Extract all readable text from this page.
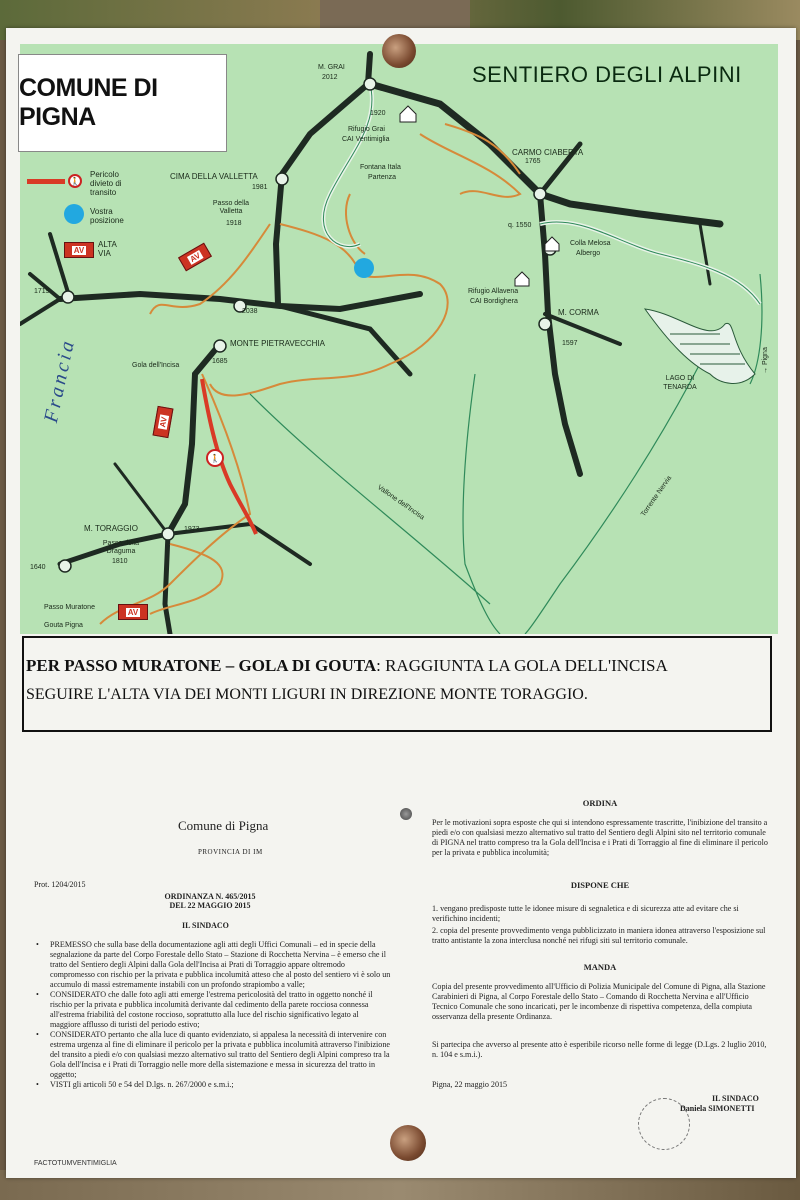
🚶
Pericolo divieto di transito
Vostra posizione
AV
ALTA VIA	AV
AV
AV
🚶
M. GRAI
2012
1920
Rifugio Grai
CAI Ventimiglia
CARMO CIABERTA
1765
CIMA DELLA VALLETTA
1981
Fontana Itala
Partenza
Passo della Valletta
1918	q. 1550
Colla Melosa
Albergo
1719
2038
Rifugio Allavena
CAI Bordighera
M. CORMA
1597
MONTE PIETRAVECCHIA
Gola dell'Incisa
1685
LAGO DI TENARDA
Vallone dell'Incisa	Torrente Nervia
→ Pigna
M. TORAGGIO	1973
Passo della Draguma
1810
1640
Passo Muratone
Gouta Pigna
Francia
COMUNE DI PIGNA
SENTIERO DEGLI ALPINI
PER PASSO MURATONE – GOLA DI GOUTA: RAGGIUNTA LA GOLA DELL'INCISA
SEGUIRE L'ALTA VIA DEI MONTI LIGURI IN DIREZIONE MONTE TORAGGIO.
Comune di Pigna
PROVINCIA DI IM
Prot. 1204/2015

ORDINANZA N. 465/2015

DEL 22 MAGGIO 2015

IL SINDACO

• PREMESSO che sulla base della documentazione agli atti degli Uffici Comunali – ed in specie della segnalazione da parte del Corpo Forestale dello Stato – Stazione di Rocchetta Nervina – è emerso che il tratto del Sentiero degli Alpini dalla Gola dell'Incisa ai Prati di Torraggio appare oltremodo compromesso con rischio per la privata e pubblica incolumità atteso che al posto del sentiero vi è solo un accumulo di massi estremamente instabili con un profondo strapiombo a valle;

• CONSIDERATO che dalle foto agli atti emerge l'estrema pericolosità del tratto in oggetto nonché il rischio per la privata e pubblica incolumità derivante dal cedimento della parete rocciosa connessa all'estrema friabilità del costone roccioso, soprattutto alla luce del rischio significativo legato al maggiore afflusso di turisti del periodo estivo;

• CONSIDERATO pertanto che alla luce di quanto evidenziato, si appalesa la necessità di intervenire con estrema urgenza al fine di eliminare il pericolo per la privata e pubblica incolumità attraverso l'inibizione del transito a piedi e/o con qualsiasi mezzo alternativo sul tratto del Sentiero degli Alpini compreso tra la Gola dell'Incisa e i Prati di Torraggio nelle more della sistemazione e messa in sicurezza del tratto in oggetto;

• VISTI gli articoli 50 e 54 del D.lgs. n. 267/2000 e s.m.i.;

ORDINA
Per le motivazioni sopra esposte che qui si intendono espressamente trascritte, l'inibizione del transito a piedi e/o con qualsiasi mezzo alternativo sul tratto del Sentiero degli Alpini sito nel territorio comunale di PIGNA nel tratto compreso tra la Gola dell'Incisa e i Prati di Torraggio al fine di eliminare il pericolo per la privata e pubblica incolumità;
DISPONE CHE
1. vengano predisposte tutte le idonee misure di segnaletica e di sicurezza atte ad evitare che si verifichino incidenti;
2. copia del presente provvedimento venga pubblicizzato in maniera idonea attraverso l'esposizione sul tratto antistante la zona interclusa nonché nei rifugi siti sul territorio comunale.
MANDA
Copia del presente provvedimento all'Ufficio di Polizia Municipale del Comune di Pigna, alla Stazione Carabinieri di Pigna, al Corpo Forestale dello Stato – Comando di Rocchetta Nervina e all'Ufficio Tecnico Comunale che sono incaricati, per le incombenze di rispettiva competenza, della compiuta osservanza della presente Ordinanza.
Si partecipa che avverso al presente atto è esperibile ricorso nelle forme di legge (D.Lgs. 2 luglio 2010, n. 104 e s.m.i.).
Pigna, 22 maggio 2015
IL SINDACO
Daniela SIMONETTI
FACTOTUMVENTIMIGLIA
